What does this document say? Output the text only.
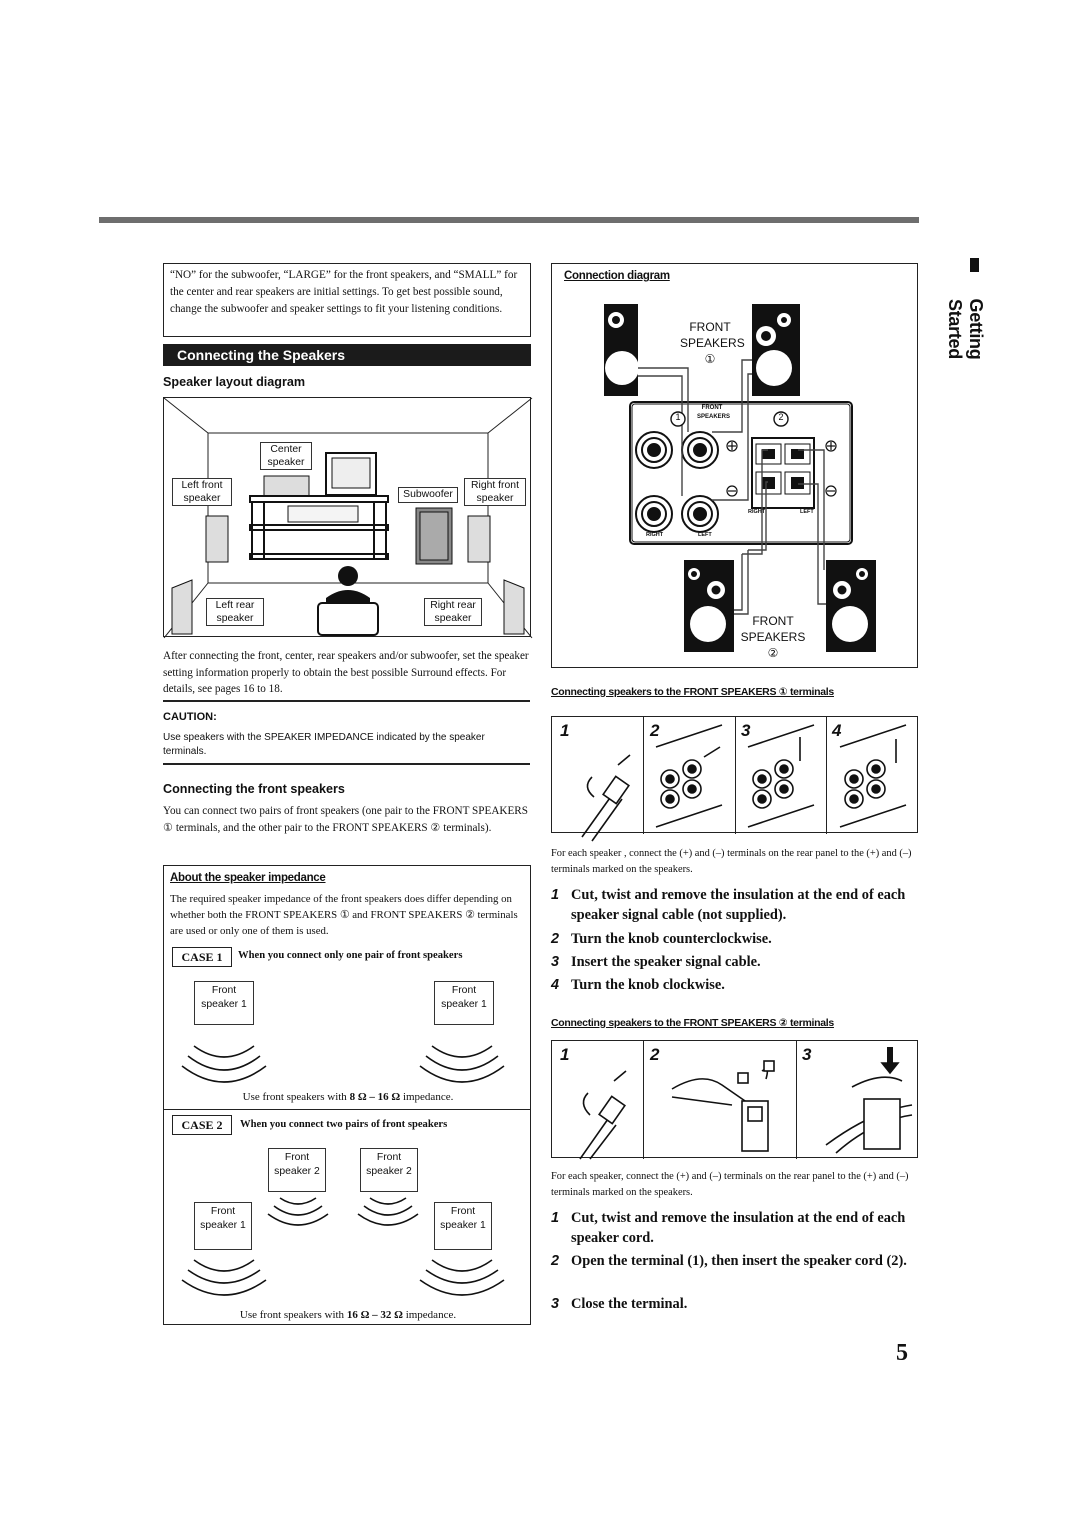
Getting Started
“NO” for the subwoofer, “LARGE” for the front speakers, and “SMALL” for the center and rear speakers are initial settings. To get best possible sound, change the subwoofer and speaker settings to fit your listening conditions.
Connecting the Speakers
Speaker layout diagram
Center speaker
Left front speaker	Subwoofer
Right front speaker
Left rear speaker
Right rear speaker
After connecting the front, center, rear speakers and/or subwoofer, set the speaker setting information properly to obtain the best possible Surround effects. For details, see pages 16 to 18.
CAUTION:
Use speakers with the SPEAKER IMPEDANCE indicated by the speaker terminals.
Connecting the front speakers
You can connect two pairs of front speakers (one pair to the FRONT SPEAKERS ① terminals, and the other pair to the FRONT SPEAKERS ② terminals).
About the speaker impedance
The required speaker impedance of the front speakers does differ depending on whether both the FRONT SPEAKERS ① and FRONT SPEAKERS ② terminals are used or only one of them is used.
CASE 1	When you connect only one pair of front speakers
Front speaker 1
Front speaker 1
Use front speakers with 8 Ω – 16 Ω impedance.
CASE 2	When you connect two pairs of front speakers
Front speaker 2
Front speaker 2
Front speaker 1
Front speaker 1
Use front speakers with 16 Ω – 32 Ω impedance.
Connection diagram
FRONT SPEAKERS ①
FRONT SPEAKERS
1	2
RIGHT	LEFT
RIGHT	LEFT
FRONT SPEAKERS ②
Connecting speakers to the FRONT SPEAKERS ① terminals
1	2	3	4
For each speaker , connect the (+) and (–) terminals on the rear panel to the (+) and (–) terminals marked on the speakers.
1 Cut, twist and remove the insulation at the end of each speaker signal cable (not supplied).
2 Turn the knob counterclockwise.
3 Insert the speaker signal cable.
4 Turn the knob clockwise.
Connecting speakers to the FRONT SPEAKERS ② terminals
1	2	3
For each speaker, connect the (+) and (–) terminals on the rear panel to the (+) and (–) terminals marked on the speakers.
1 Cut, twist and remove the insulation at the end of each speaker cord.
2 Open the terminal (1), then insert the speaker cord (2).
3 Close the terminal.
5
